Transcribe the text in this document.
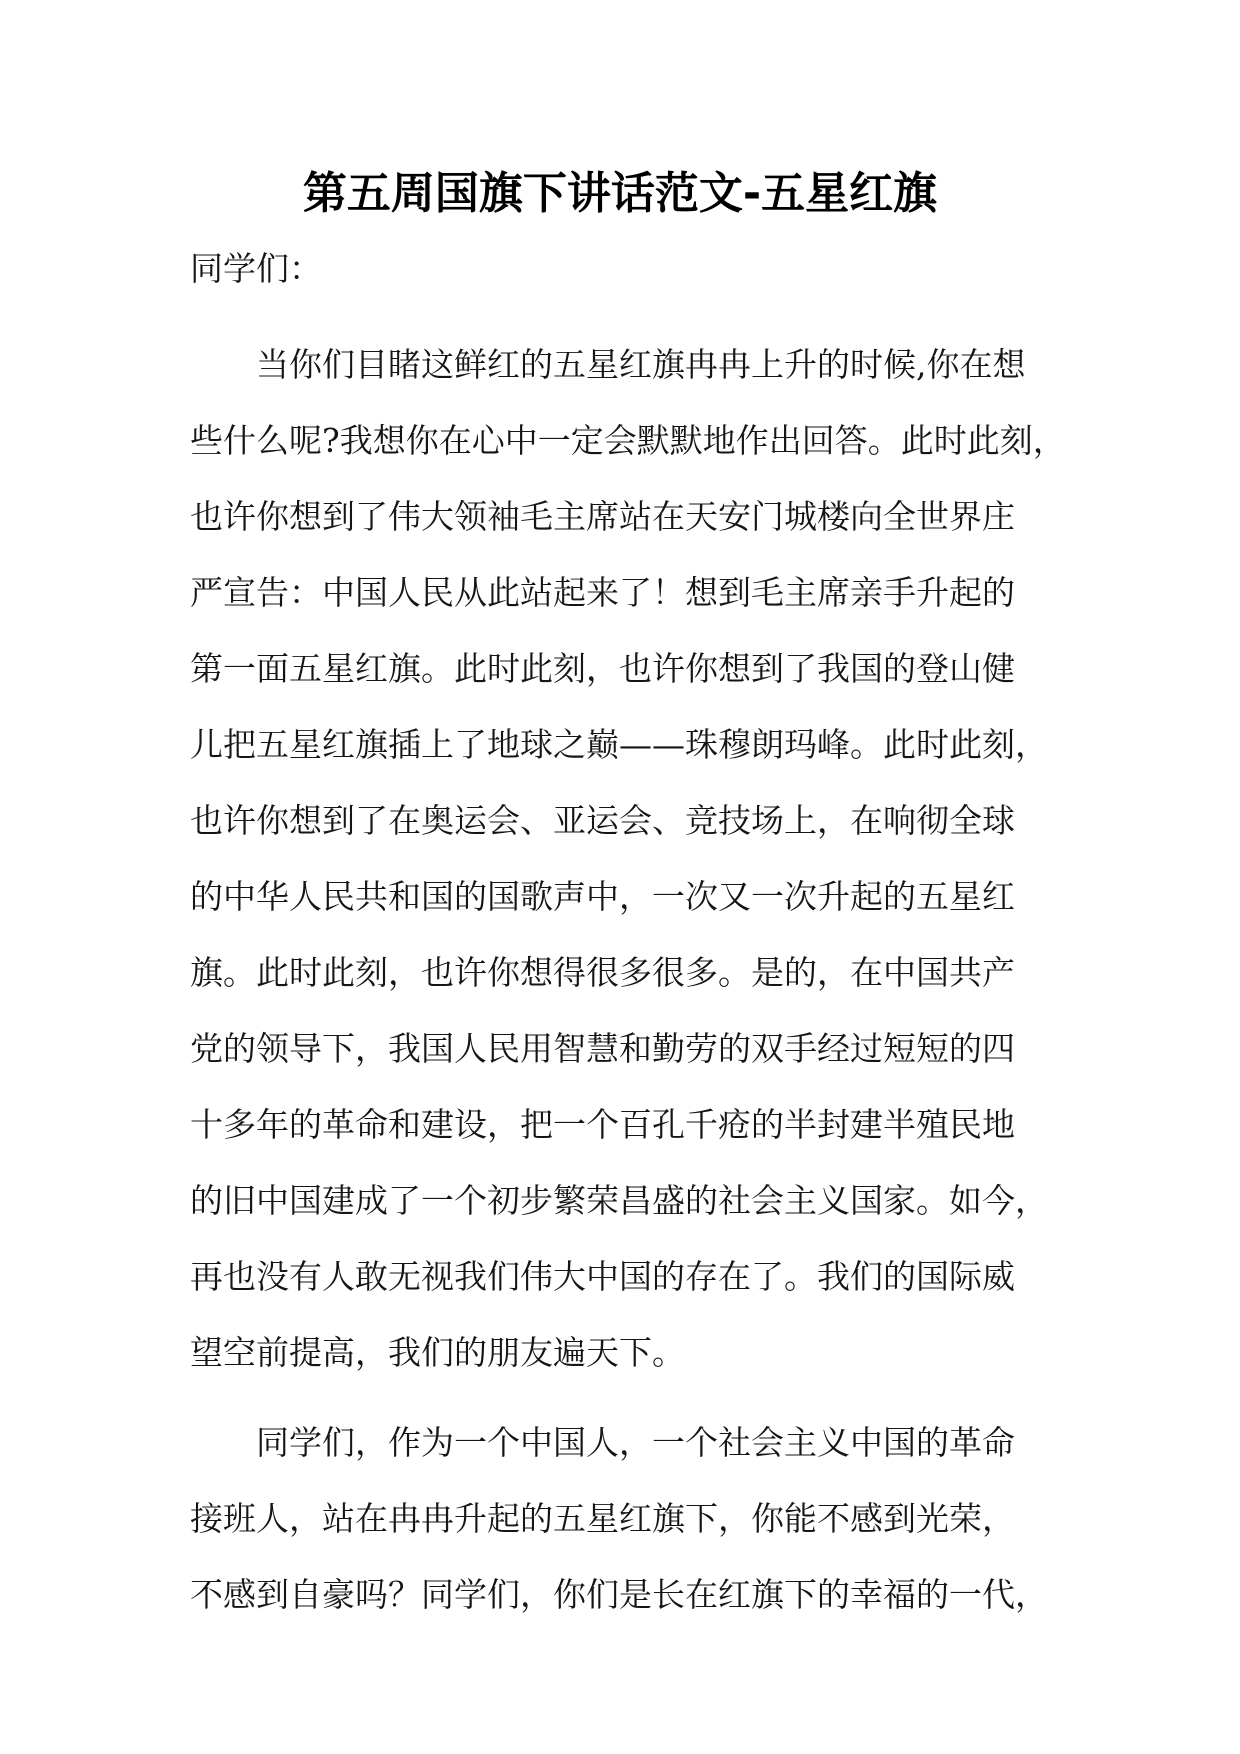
第五周国旗下讲话范文-五星红旗
同学们：
当你们目睹这鲜红的五星红旗冉冉上升的时候,你在想
些什么呢?我想你在心中一定会默默地作出回答。此时此刻，
也许你想到了伟大领袖毛主席站在天安门城楼向全世界庄
严宣告：中国人民从此站起来了！想到毛主席亲手升起的
第一面五星红旗。此时此刻，也许你想到了我国的登山健
儿把五星红旗插上了地球之巅——珠穆朗玛峰。此时此刻，
也许你想到了在奥运会、亚运会、竞技场上，在响彻全球
的中华人民共和国的国歌声中，一次又一次升起的五星红
旗。此时此刻，也许你想得很多很多。是的，在中国共产
党的领导下，我国人民用智慧和勤劳的双手经过短短的四
十多年的革命和建设，把一个百孔千疮的半封建半殖民地
的旧中国建成了一个初步繁荣昌盛的社会主义国家。如今，
再也没有人敢无视我们伟大中国的存在了。我们的国际威
望空前提高，我们的朋友遍天下。
同学们，作为一个中国人，一个社会主义中国的革命
接班人，站在冉冉升起的五星红旗下，你能不感到光荣，
不感到自豪吗？同学们，你们是长在红旗下的幸福的一代，
